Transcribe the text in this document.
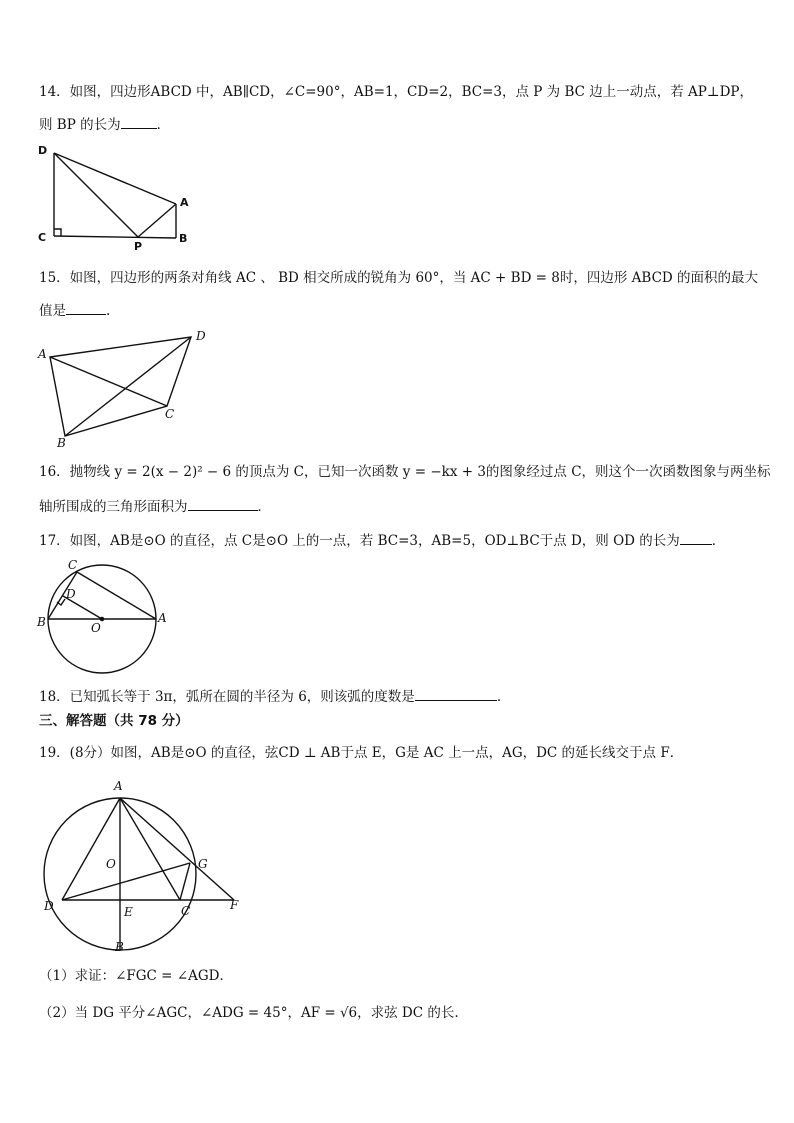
14．如图，四边形ABCD 中，AB∥CD，∠C=90°，AB=1，CD=2，BC=3，点 P 为 BC 边上一动点，若 AP⊥DP，
则 BP 的长为	．
D
A
C
P
B
15．如图，四边形的两条对角线 AC 、 BD 相交所成的锐角为 60°，当 AC + BD = 8时，四边形 ABCD 的面积的最大
值是	.
A
D
C
B
16．抛物线 y = 2(x − 2)² − 6 的顶点为 C，已知一次函数 y = −kx + 3的图象经过点 C，则这个一次函数图象与两坐标
轴所围成的三角形面积为	．
17．如图，AB是⊙O 的直径，点 C是⊙O 上的一点，若 BC=3，AB=5，OD⊥BC于点 D，则 OD 的长为 ．
C
D
B	O
A
18．已知弧长等于 3π，弧所在圆的半径为 6，则该弧的度数是	.
三、解答题（共 78 分）
19．(8分）如图，AB是⊙O 的直径，弦CD ⊥ AB于点 E，G是 AC 上一点，AG，DC 的延长线交于点 F．
A
O	G
D	E	C	F
B
（1）求证：∠FGC = ∠AGD．
（2）当 DG 平分∠AGC，∠ADG = 45°，AF = √6，求弦 DC 的长.
